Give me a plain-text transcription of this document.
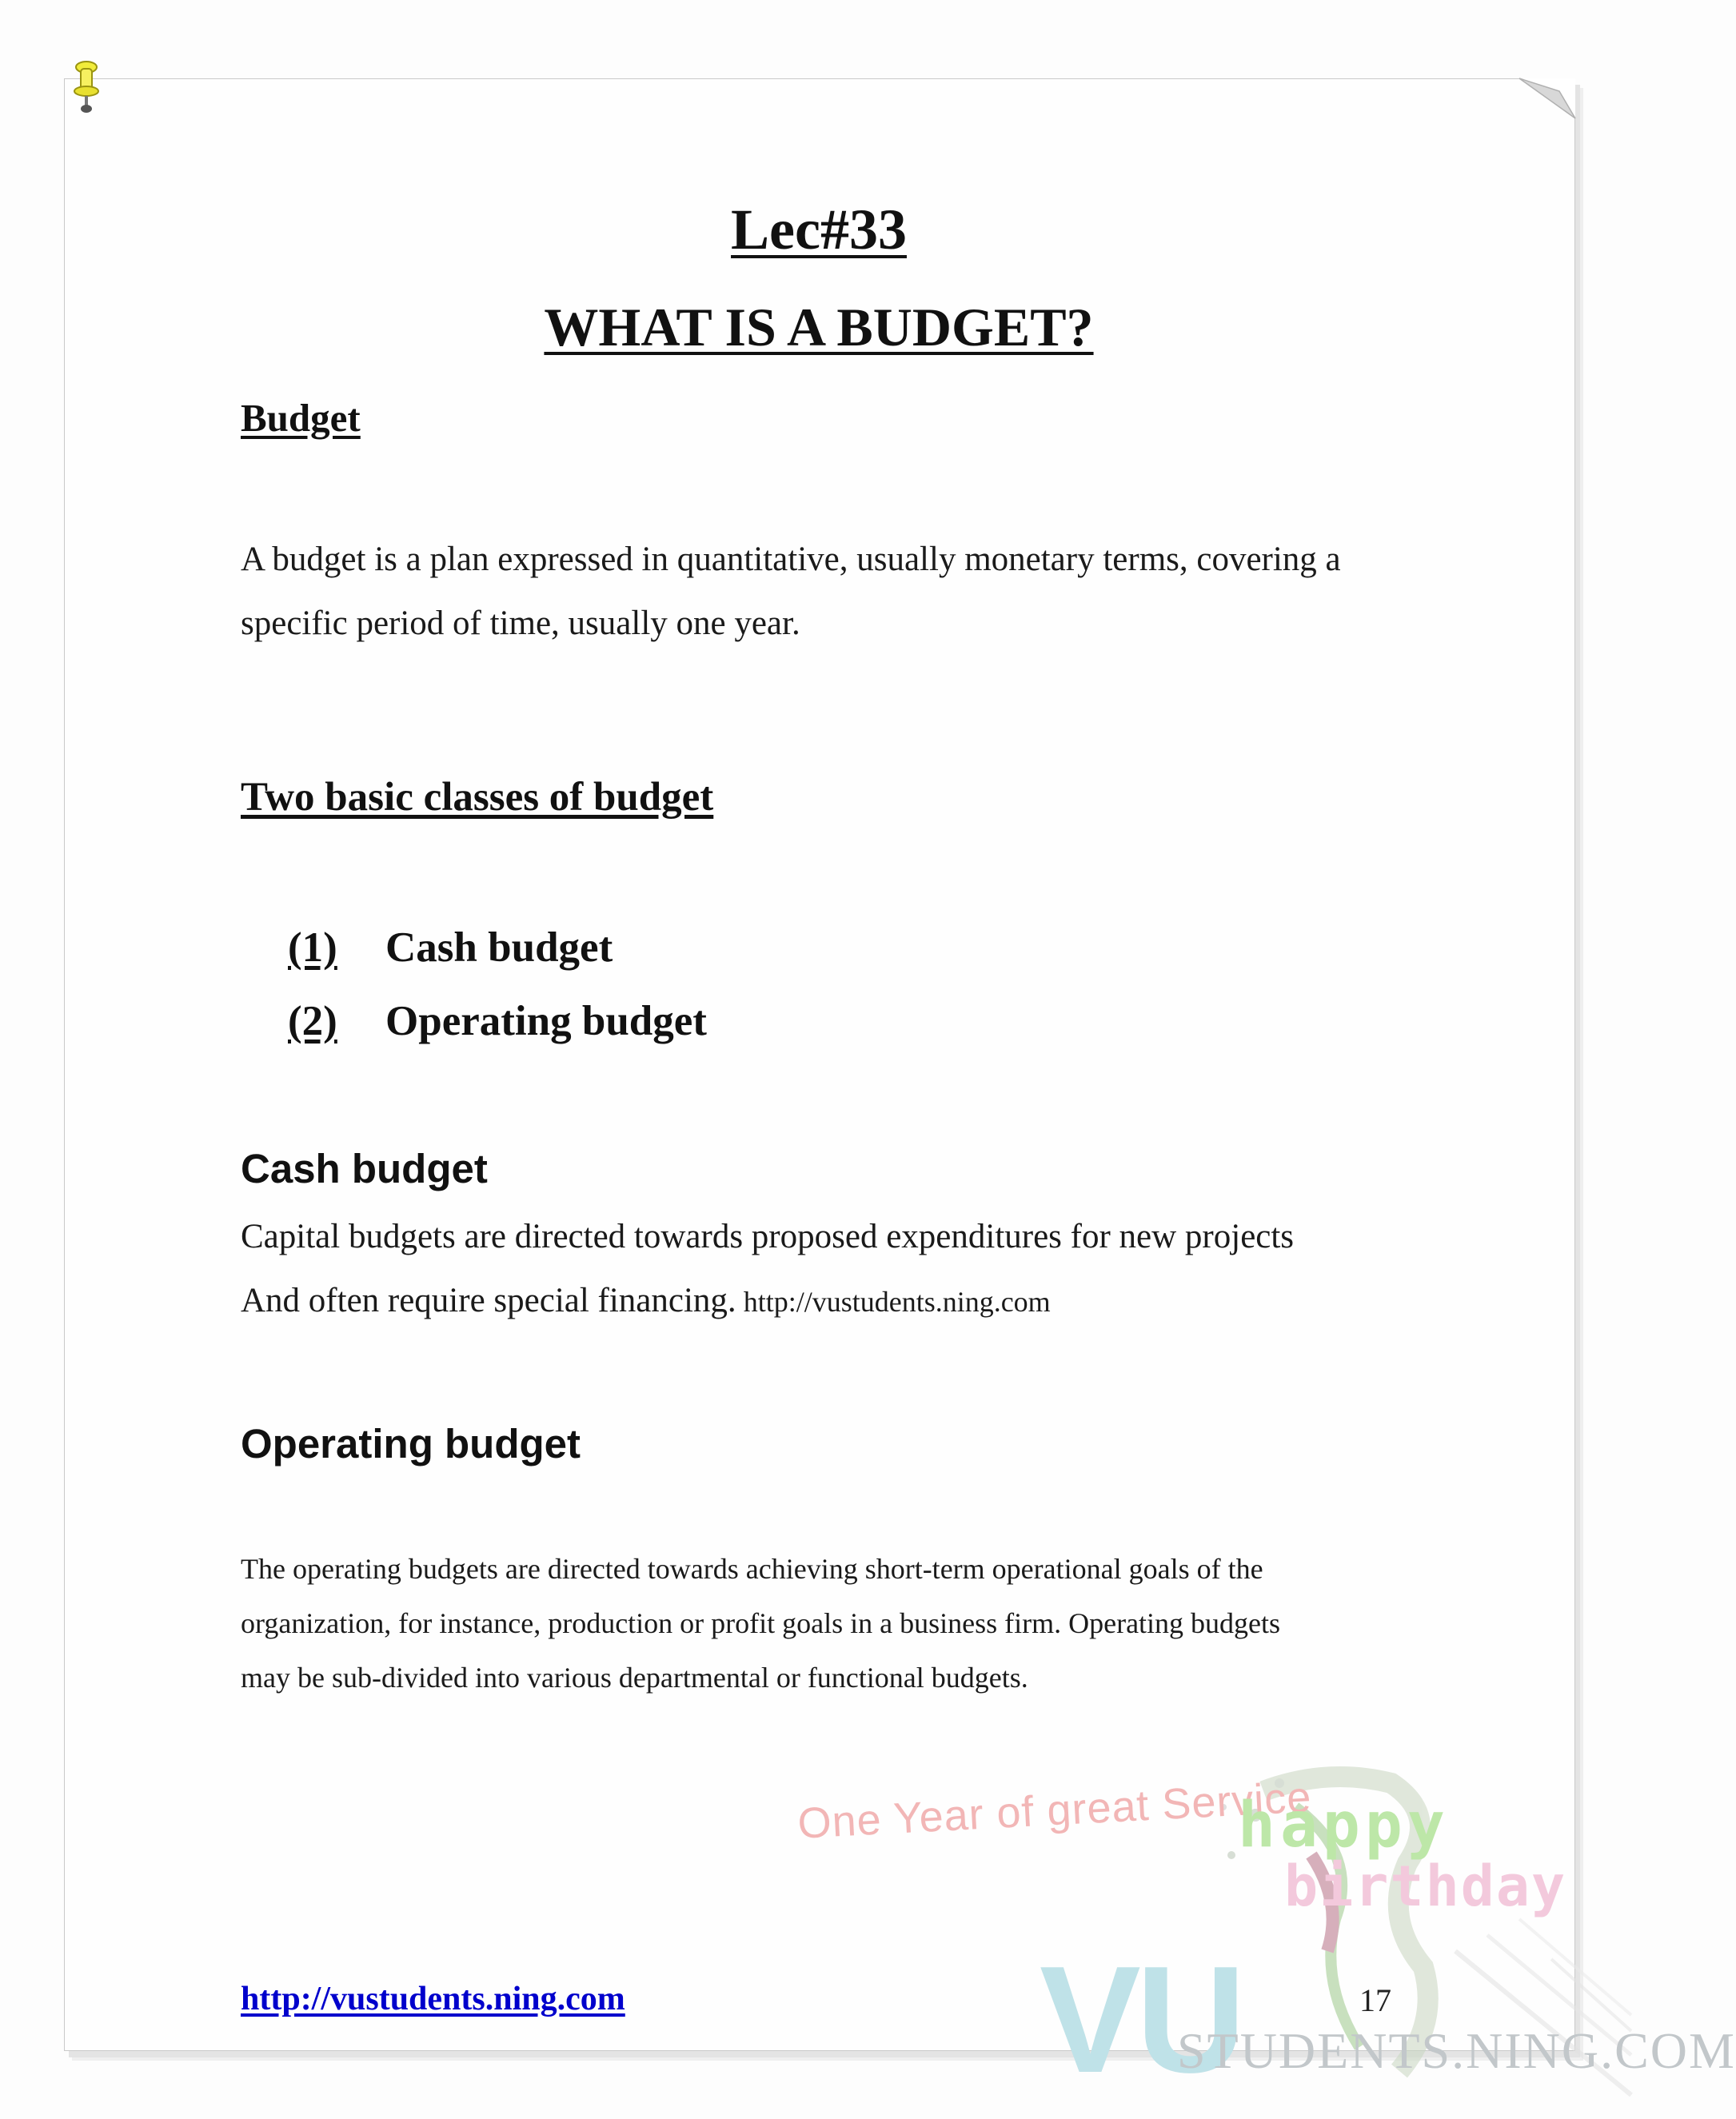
One Year of great Service
happy
birthday
VU
STUDENTS.NING.COM
Lec#33
WHAT IS A BUDGET?
Budget
A budget is a plan expressed in quantitative, usually monetary terms, covering a
specific period of time, usually one year.
Two basic classes of budget
(1)	Cash budget
(2)	Operating budget
Cash budget
Capital budgets are directed towards proposed expenditures for new projects
And often require special financing. http://vustudents.ning.com
Operating budget
The operating budgets are directed towards achieving short-term operational goals of the
organization, for instance, production or profit goals in a business firm. Operating budgets
may be sub-divided into various departmental or functional budgets.
http://vustudents.ning.com	17
